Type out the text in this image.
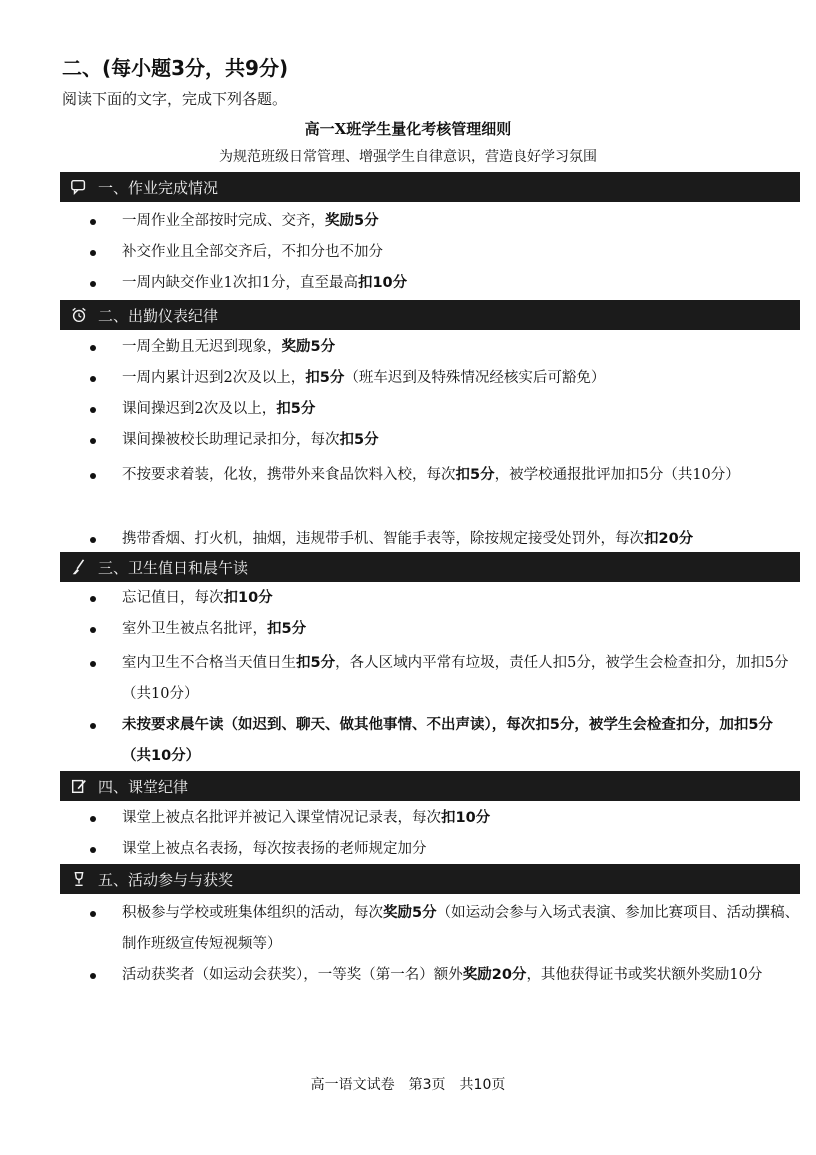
二、(每小题3分，共9分)
阅读下面的文字，完成下列各题。
高一X班学生量化考核管理细则
为规范班级日常管理、增强学生自律意识，营造良好学习氛围
一、作业完成情况
一周作业全部按时完成、交齐，奖励5分
补交作业且全部交齐后，不扣分也不加分
一周内缺交作业1次扣1分，直至最高扣10分
二、出勤仪表纪律
一周全勤且无迟到现象，奖励5分
一周内累计迟到2次及以上，扣5分（班车迟到及特殊情况经核实后可豁免）
课间操迟到2次及以上，扣5分
课间操被校长助理记录扣分，每次扣5分
不按要求着装，化妆，携带外来食品饮料入校，每次扣5分，被学校通报批评加扣5分（共10分）
携带香烟、打火机，抽烟，违规带手机、智能手表等，除按规定接受处罚外，每次扣20分
三、卫生值日和晨午读
忘记值日，每次扣10分
室外卫生被点名批评，扣5分
室内卫生不合格当天值日生扣5分，各人区域内平常有垃圾，责任人扣5分，被学生会检查扣分，加扣5分（共10分）
未按要求晨午读（如迟到、聊天、做其他事情、不出声读），每次扣5分，被学生会检查扣分，加扣5分（共10分）
四、课堂纪律
课堂上被点名批评并被记入课堂情况记录表，每次扣10分
课堂上被点名表扬，每次按表扬的老师规定加分
五、活动参与与获奖
积极参与学校或班集体组织的活动，每次奖励5分（如运动会参与入场式表演、参加比赛项目、活动撰稿、制作班级宣传短视频等）
活动获奖者（如运动会获奖），一等奖（第一名）额外奖励20分，其他获得证书或奖状额外奖励10分
高一语文试卷　第3页　共10页
